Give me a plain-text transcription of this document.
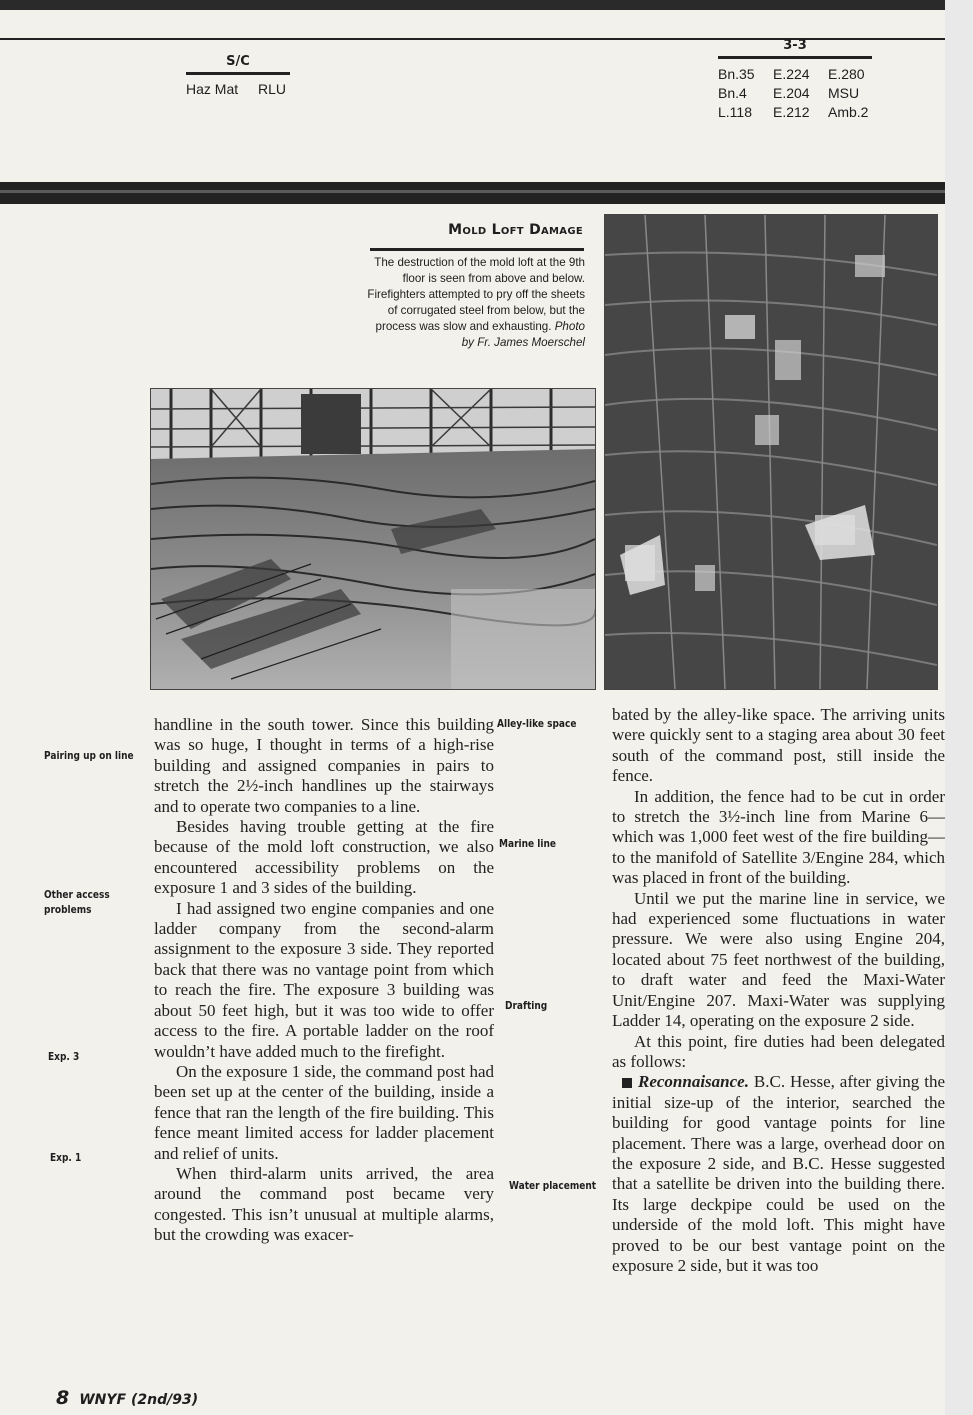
S/C
Haz Mat RLU
3-3
Bn.35	E.224	E.280
Bn.4	E.204	MSU
L.118	E.212	Amb.2
Mold Loft Damage
The destruction of the mold loft at the 9th floor is seen from above and below. Firefighters attempted to pry off the sheets of corrugated steel from below, but the process was slow and exhausting. Photo by Fr. James Moerschel
Pairing up on line
Other access problems
Exp. 3
Exp. 1
Alley-like space
Marine line
Drafting
Water placement

handline in the south tower. Since this building was so huge, I thought in terms of a high-rise building and assigned companies in pairs to stretch the 2½-inch handlines up the stairways and to operate two companies to a line.

Besides having trouble getting at the fire because of the mold loft construction, we also encountered accessibility problems on the exposure 1 and 3 sides of the building.

I had assigned two engine companies and one ladder company from the second-alarm assignment to the exposure 3 side. They reported back that there was no vantage point from which to reach the fire. The exposure 3 building was about 50 feet high, but it was too wide to offer access to the fire. A portable ladder on the roof wouldn’t have added much to the firefight.

On the exposure 1 side, the command post had been set up at the center of the building, inside a fence that ran the length of the fire building. This fence meant limited access for ladder placement and relief of units.

When third-alarm units arrived, the area around the command post became very congested. This isn’t unusual at multiple alarms, but the crowding was exacer-

bated by the alley-like space. The arriving units were quickly sent to a staging area about 30 feet south of the command post, still inside the fence.

In addition, the fence had to be cut in order to stretch the 3½-inch line from Marine 6—which was 1,000 feet west of the fire building—to the manifold of Satellite 3/Engine 284, which was placed in front of the building.

Until we put the marine line in service, we had experienced some fluctuations in water pressure. We were also using Engine 204, located about 75 feet northwest of the building, to draft water and feed the Maxi-Water Unit/Engine 207. Maxi-Water was supplying Ladder 14, operating on the exposure 2 side.

At this point, fire duties had been delegated as follows:

Reconnaisance. B.C. Hesse, after giving the initial size-up of the interior, searched the building for good vantage points for line placement. There was a large, overhead door on the exposure 2 side, and B.C. Hesse suggested that a satellite be driven into the building there. Its large deckpipe could be used on the underside of the mold loft. This might have proved to be our best vantage point on the exposure 2 side, but it was too

8 WNYF (2nd/93)
